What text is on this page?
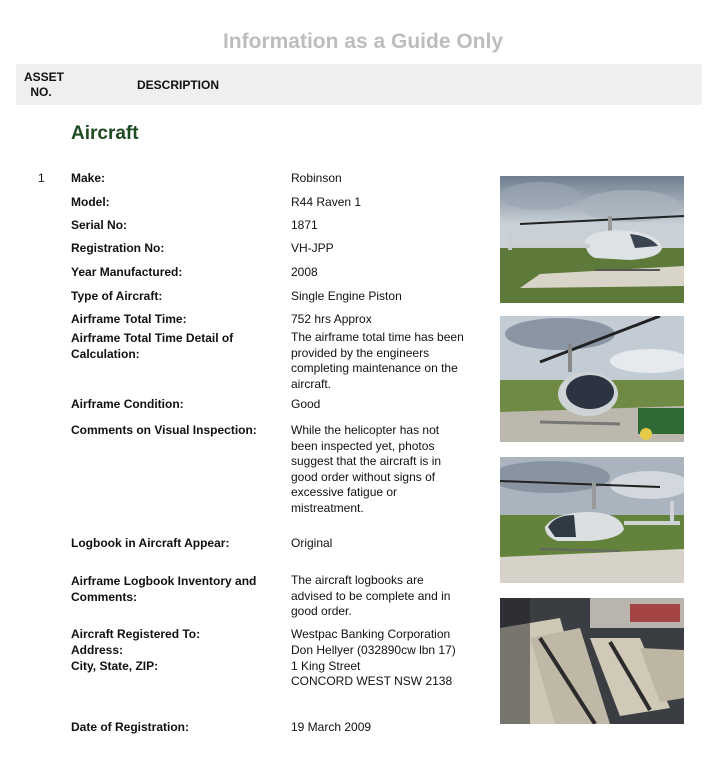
Information as a Guide Only
ASSET NO.	DESCRIPTION
Aircraft
1 Make:	Robinson
Model:	R44 Raven 1
Serial No:	1871
Registration No:	VH-JPP
Year Manufactured:	2008
Type of Aircraft:	Single Engine Piston
Airframe Total Time:	752 hrs Approx
Airframe Total Time Detail of Calculation:
The airframe total time has been provided by the engineers completing maintenance on the aircraft.
Airframe Condition:	Good
Comments on Visual Inspection:	While the helicopter has not been inspected yet, photos suggest that the aircraft is in good order without signs of excessive fatigue or mistreatment.
Logbook in Aircraft Appear:	Original
Airframe Logbook Inventory and Comments:
The aircraft logbooks are advised to be complete and in good order.
Aircraft Registered To:	Westpac Banking Corporation
Address:	Don Hellyer (032890cw lbn 17)
City, State, ZIP:	1 King Street
CONCORD WEST NSW 2138
Date of Registration:	19 March 2009
